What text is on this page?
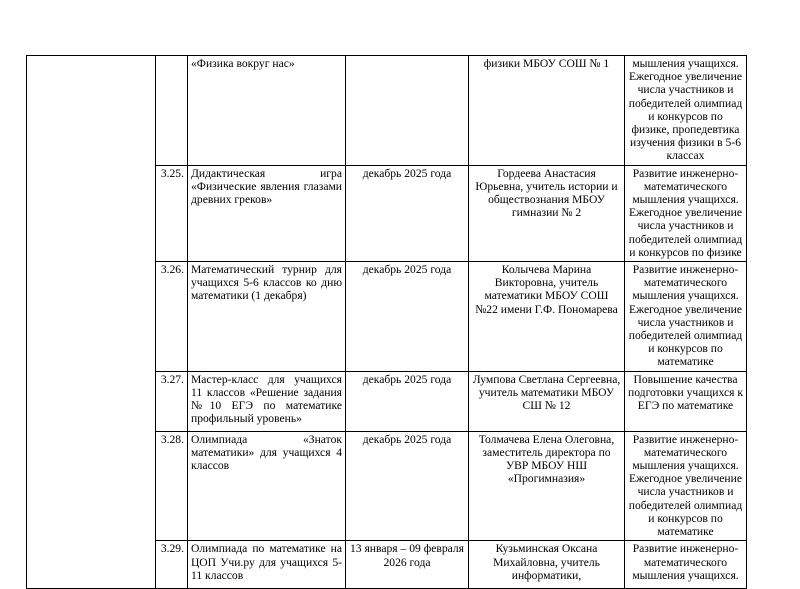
		«Физика вокруг нас»		физики МБОУ СОШ № 1	мышления учащихся. Ежегодное увеличение числа участников и победителей олимпиад и конкурсов по физике, пропедевтика изучения физики в 5-6 классах
	3.25.	Дидактическая игра «Физические явления глазами древних греков»	декабрь 2025 года	Гордеева Анастасия Юрьевна, учитель истории и обществознания МБОУ гимназии № 2	Развитие инженерно-математического мышления учащихся. Ежегодное увеличение числа участников и победителей олимпиад и конкурсов по физике
	3.26.	Математический турнир для учащихся 5-6 классов ко дню математики (1 декабря)	декабрь 2025 года	Колычева Марина Викторовна, учитель математики МБОУ СОШ №22 имени Г.Ф. Пономарева	Развитие инженерно-математического мышления учащихся. Ежегодное увеличение числа участников и победителей олимпиад и конкурсов по математике
	3.27.	Мастер-класс для учащихся 11 классов «Решение задания №10 ЕГЭ по математике профильный уровень»	декабрь 2025 года	Лумпова Светлана Сергеевна, учитель математики МБОУ СШ № 12	Повышение качества подготовки учащихся к ЕГЭ по математике
	3.28.	Олимпиада «Знаток математики» для учащихся 4 классов	декабрь 2025 года	Толмачева Елена Олеговна, заместитель директора по УВР МБОУ НШ «Прогимназия»	Развитие инженерно-математического мышления учащихся. Ежегодное увеличение числа участников и победителей олимпиад и конкурсов по математике
	3.29.	Олимпиада по математике на ЦОП Учи.ру для учащихся 5-11 классов	13 января – 09 февраля 2026 года	Кузьминская Оксана Михайловна, учитель информатики,	Развитие инженерно-математического мышления учащихся.
